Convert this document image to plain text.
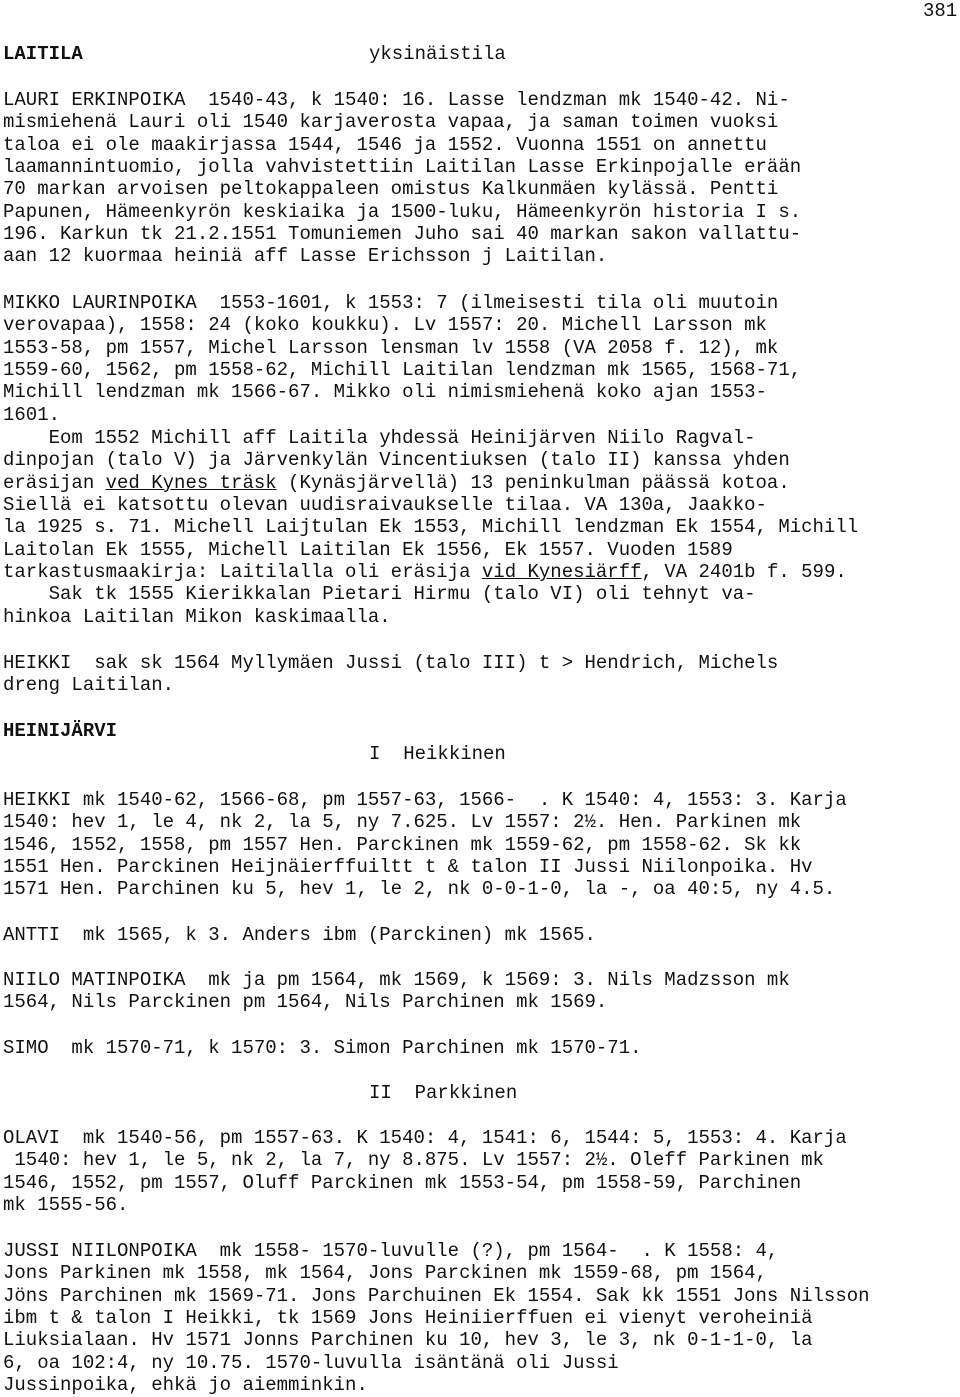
381
LAITILA	yksinäistila
LAURI ERKINPOIKA  1540-43, k 1540: 16. Lasse lendzman mk 1540-42. Ni-
mismiehenä Lauri oli 1540 karjaverosta vapaa, ja saman toimen vuoksi
taloa ei ole maakirjassa 1544, 1546 ja 1552. Vuonna 1551 on annettu
laamannintuomio, jolla vahvistettiin Laitilan Lasse Erkinpojalle erään
70 markan arvoisen peltokappaleen omistus Kalkunmäen kylässä. Pentti
Papunen, Hämeenkyrön keskiaika ja 1500-luku, Hämeenkyrön historia I s.
196. Karkun tk 21.2.1551 Tomuniemen Juho sai 40 markan sakon vallattu-
aan 12 kuormaa heiniä aff Lasse Erichsson j Laitilan.
MIKKO LAURINPOIKA  1553-1601, k 1553: 7 (ilmeisesti tila oli muutoin
verovapaa), 1558: 24 (koko koukku). Lv 1557: 20. Michell Larsson mk
1553-58, pm 1557, Michel Larsson lensman lv 1558 (VA 2058 f. 12), mk
1559-60, 1562, pm 1558-62, Michill Laitilan lendzman mk 1565, 1568-71,
Michill lendzman mk 1566-67. Mikko oli nimismiehenä koko ajan 1553-
1601.
Eom 1552 Michill aff Laitila yhdessä Heinijärven Niilo Ragval-
dinpojan (talo V) ja Järvenkylän Vincentiuksen (talo II) kanssa yhden
eräsijan ved Kynes träsk (Kynäsjärvellä) 13 peninkulman päässä kotoa.
Siellä ei katsottu olevan uudisraivaukselle tilaa. VA 130a, Jaakko-
la 1925 s. 71. Michell Laijtulan Ek 1553, Michill lendzman Ek 1554, Michill
Laitolan Ek 1555, Michell Laitilan Ek 1556, Ek 1557. Vuoden 1589
tarkastusmaakirja: Laitilalla oli eräsija vid Kynesiärff, VA 2401b f. 599.
Sak tk 1555 Kierikkalan Pietari Hirmu (talo VI) oli tehnyt va-
hinkoa Laitilan Mikon kaskimaalla.
HEIKKI  sak sk 1564 Myllymäen Jussi (talo III) t > Hendrich, Michels
dreng Laitilan.
HEINIJÄRVI
I  Heikkinen
HEIKKI mk 1540-62, 1566-68, pm 1557-63, 1566-  . K 1540: 4, 1553: 3. Karja
1540: hev 1, le 4, nk 2, la 5, ny 7.625. Lv 1557: 2½. Hen. Parkinen mk
1546, 1552, 1558, pm 1557 Hen. Parckinen mk 1559-62, pm 1558-62. Sk kk
1551 Hen. Parckinen Heijnäierffuiltt t & talon II Jussi Niilonpoika. Hv
1571 Hen. Parchinen ku 5, hev 1, le 2, nk 0-0-1-0, la -, oa 40:5, ny 4.5.
ANTTI  mk 1565, k 3. Anders ibm (Parckinen) mk 1565.
NIILO MATINPOIKA  mk ja pm 1564, mk 1569, k 1569: 3. Nils Madzsson mk
1564, Nils Parckinen pm 1564, Nils Parchinen mk 1569.
SIMO  mk 1570-71, k 1570: 3. Simon Parchinen mk 1570-71.
II  Parkkinen
OLAVI  mk 1540-56, pm 1557-63. K 1540: 4, 1541: 6, 1544: 5, 1553: 4. Karja
1540: hev 1, le 5, nk 2, la 7, ny 8.875. Lv 1557: 2½. Oleff Parkinen mk
1546, 1552, pm 1557, Oluff Parckinen mk 1553-54, pm 1558-59, Parchinen
mk 1555-56.
JUSSI NIILONPOIKA  mk 1558- 1570-luvulle (?), pm 1564-  . K 1558: 4,
Jons Parkinen mk 1558, mk 1564, Jons Parckinen mk 1559-68, pm 1564,
Jöns Parchinen mk 1569-71. Jons Parchuinen Ek 1554. Sak kk 1551 Jons Nilsson
ibm t & talon I Heikki, tk 1569 Jons Heiniierffuen ei vienyt veroheiniä
Liuksialaan. Hv 1571 Jonns Parchinen ku 10, hev 3, le 3, nk 0-1-1-0, la
6, oa 102:4, ny 10.75. 1570-luvulla isäntänä oli Jussi
Jussinpoika, ehkä jo aiemminkin.
